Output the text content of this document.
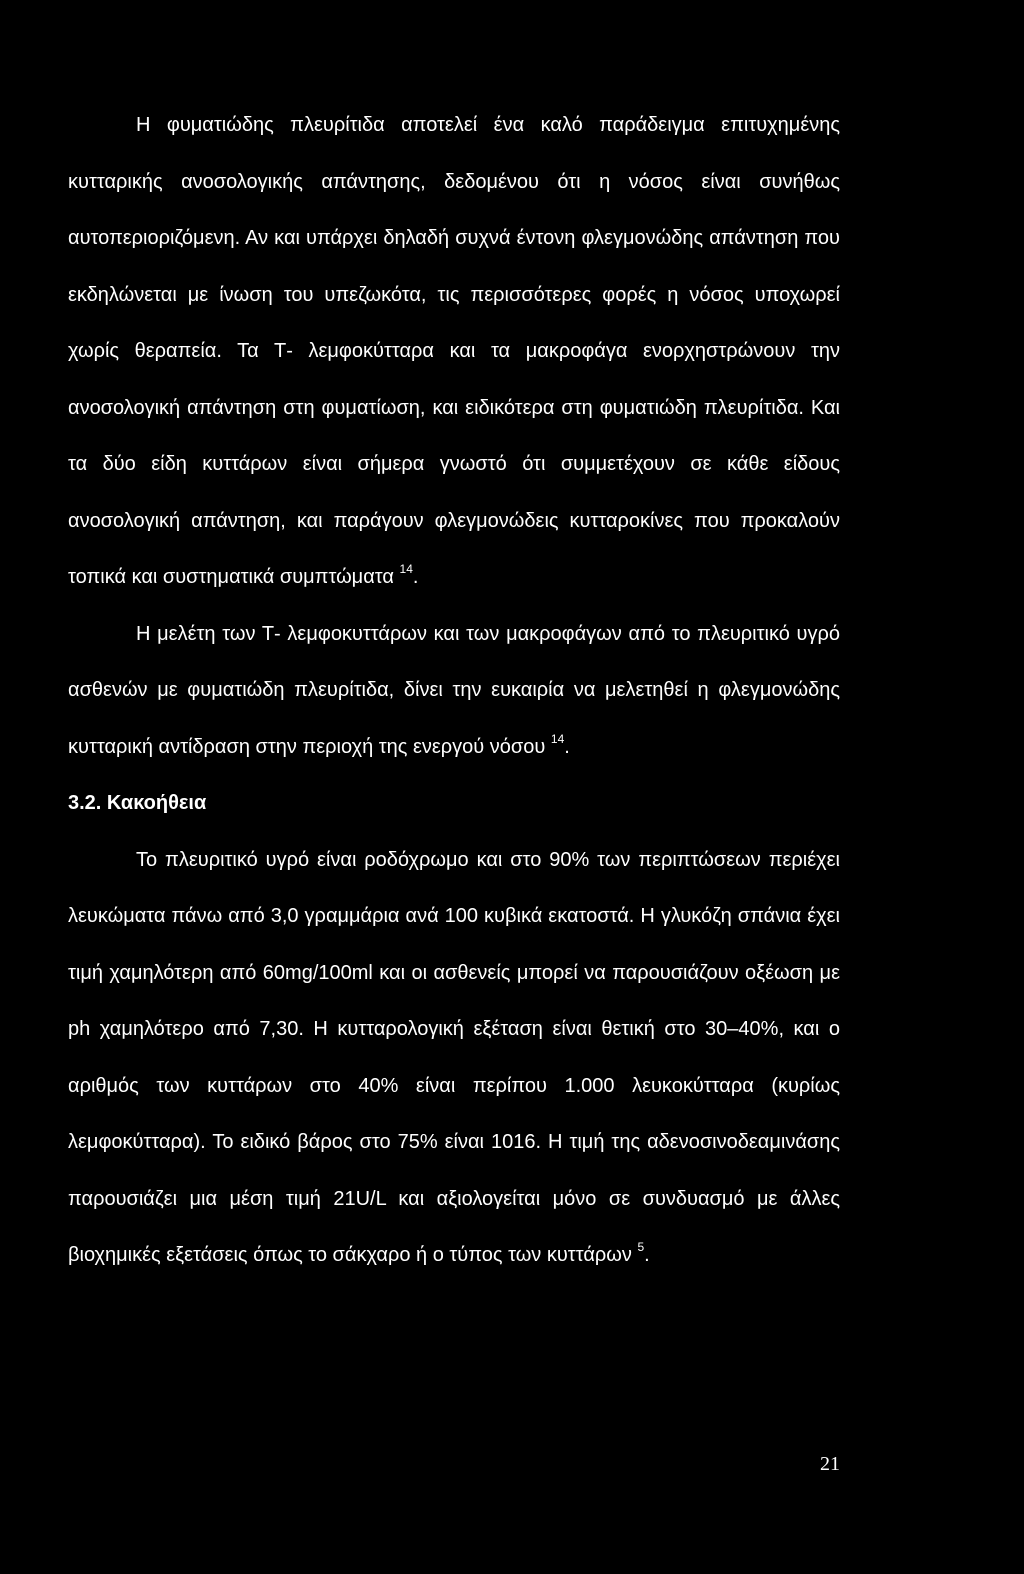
Η φυματιώδης πλευρίτιδα αποτελεί ένα καλό παράδειγμα επιτυχημένης κυτταρικής ανοσολογικής απάντησης, δεδομένου ότι η νόσος είναι συνήθως αυτοπεριοριζόμενη. Αν και υπάρχει δηλαδή συχνά έντονη φλεγμονώδης απάντηση που εκδηλώνεται με ίνωση του υπεζωκότα, τις περισσότερες φορές η νόσος υποχωρεί χωρίς θεραπεία. Τα Τ- λεμφοκύτταρα και τα μακροφάγα ενορχηστρώνουν την ανοσολογική απάντηση στη φυματίωση, και ειδικότερα στη φυματιώδη πλευρίτιδα. Και τα δύο είδη κυττάρων είναι σήμερα γνωστό ότι συμμετέχουν σε κάθε είδους ανοσολογική απάντηση, και παράγουν φλεγμονώδεις κυτταροκίνες που προκαλούν τοπικά και συστηματικά συμπτώματα $^{14}$.

Η μελέτη των Τ- λεμφοκυττάρων και των μακροφάγων από το πλευριτικό υγρό ασθενών με φυματιώδη πλευρίτιδα, δίνει την ευκαιρία να μελετηθεί η φλεγμονώδης κυτταρική αντίδραση στην περιοχή της ενεργού νόσου $^{14}$.

3.2. Κακοήθεια

Το πλευριτικό υγρό είναι ροδόχρωμο και στο 90% των περιπτώσεων περιέχει λευκώματα πάνω από 3,0 γραμμάρια ανά 100 κυβικά εκατοστά. Η γλυκόζη σπάνια έχει τιμή χαμηλότερη από 60mg/100ml και οι ασθενείς μπορεί να παρουσιάζουν οξέωση με ph χαμηλότερο από 7,30. Η κυτταρολογική εξέταση είναι θετική στο 30–40%, και ο αριθμός των κυττάρων στο 40% είναι περίπου 1.000 λευκοκύτταρα (κυρίως λεμφοκύτταρα). Το ειδικό βάρος στο 75% είναι 1016. Η τιμή της αδενοσινοδεαμινάσης παρουσιάζει μια μέση τιμή 21U/L και αξιολογείται μόνο σε συνδυασμό με άλλες βιοχημικές εξετάσεις όπως το σάκχαρο ή ο τύπος των κυττάρων $^5$.

21
